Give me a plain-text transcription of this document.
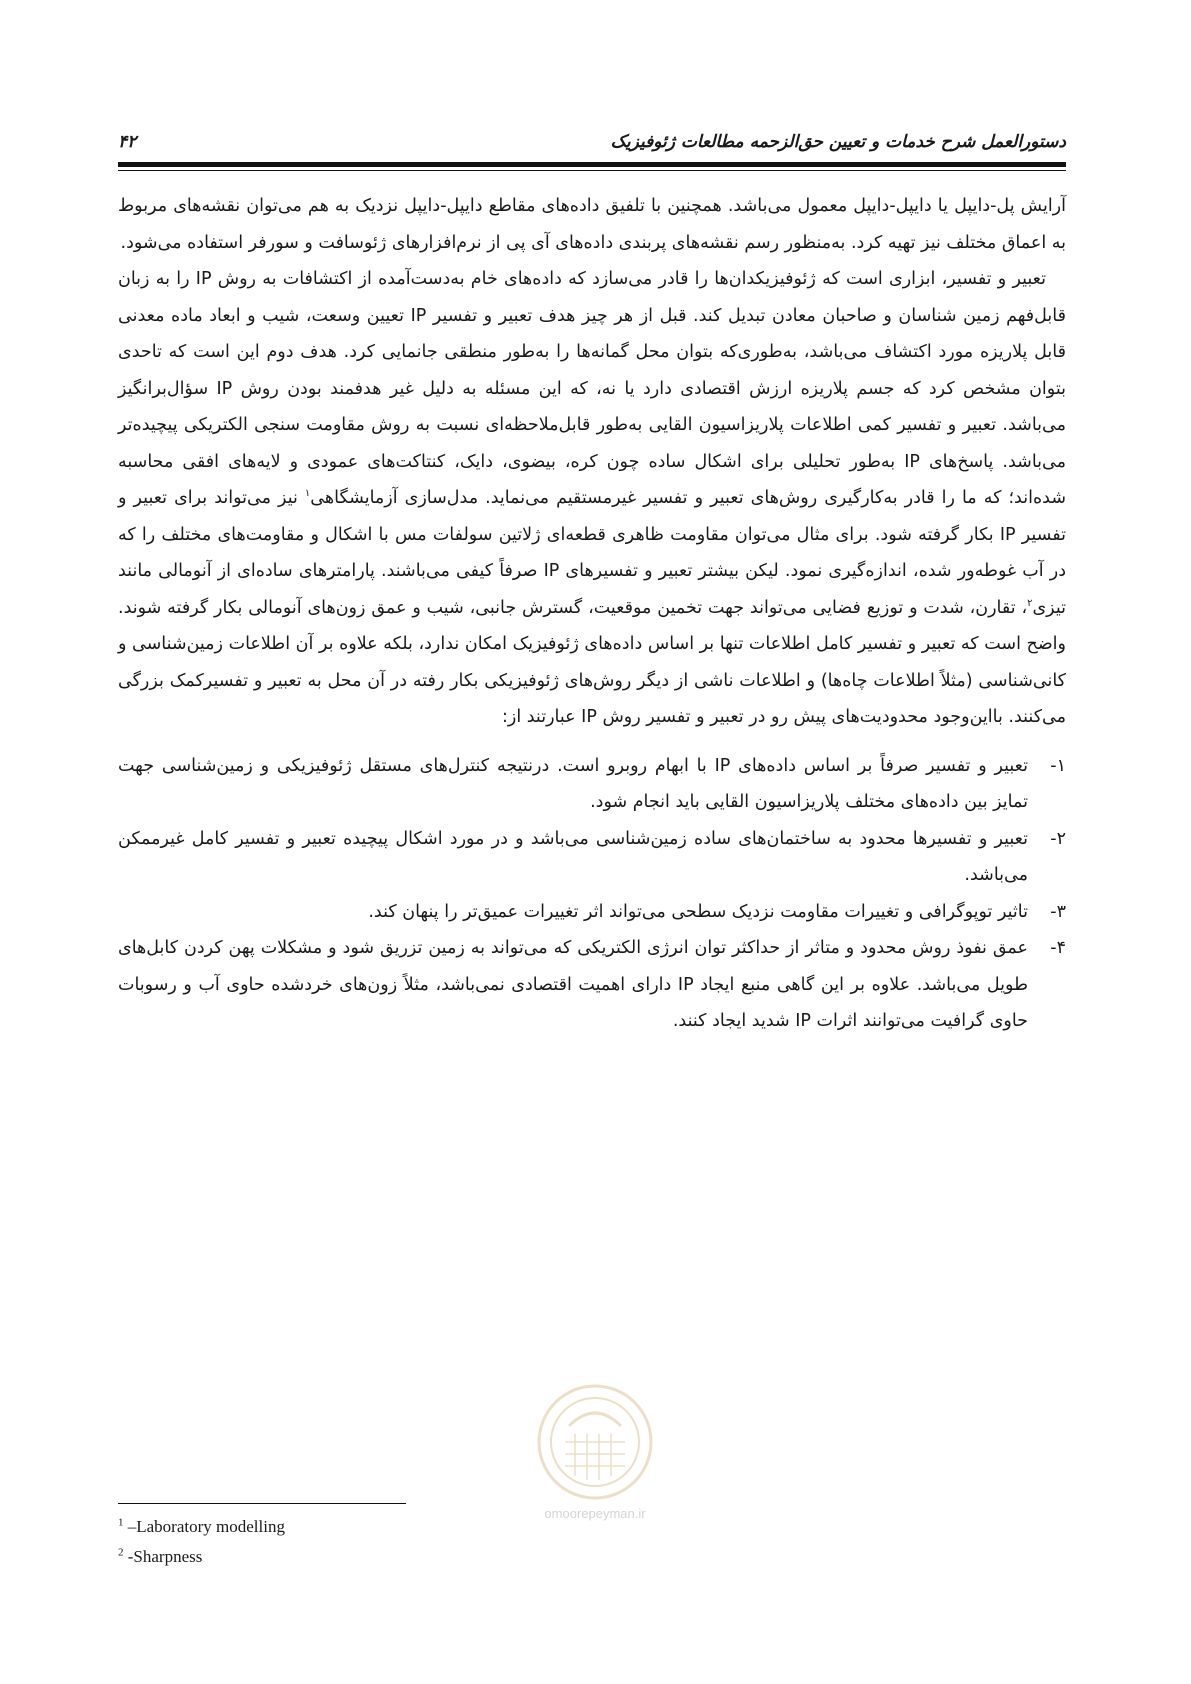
دستورالعمل شرح خدمات و تعیین حق‌الزحمه مطالعات ژئوفیزیک
۴۲

آرایش پل-دایپل یا دایپل-دایپل معمول می‌باشد. همچنین با تلفیق داده‌های مقاطع دایپل-دایپل نزدیک به هم می‌توان نقشه‌های مربوط به اعماق مختلف نیز تهیه کرد. به‌منظور رسم نقشه‌های پربندی داده‌های آی پی از نرم‌افزارهای ژئوسافت و سورفر استفاده می‌شود.

تعبیر و تفسیر، ابزاری است که ژئوفیزیکدان‌ها را قادر می‌سازد که داده‌های خام به‌دست‌آمده از اکتشافات به روش IP را به زبان قابل‌فهم زمین شناسان و صاحبان معادن تبدیل کند. قبل از هر چیز هدف تعبیر و تفسیر IP تعیین وسعت، شیب و ابعاد ماده معدنی قابل پلاریزه مورد اکتشاف می‌باشد، به‌طوری‌که بتوان محل گمانه‌ها را به‌طور منطقی جانمایی کرد. هدف دوم این است که تاحدی بتوان مشخص کرد که جسم پلاریزه ارزش اقتصادی دارد یا نه، که این مسئله به دلیل غیر هدفمند بودن روش IP سؤال‌برانگیز می‌باشد. تعبیر و تفسیر کمی اطلاعات پلاریزاسیون القایی به‌طور قابل‌ملاحظه‌ای نسبت به روش مقاومت سنجی الکتریکی پیچیده‌تر می‌باشد. پاسخ‌های IP به‌طور تحلیلی برای اشکال ساده چون کره، بیضوی، دایک، کنتاکت‌های عمودی و لایه‌های افقی محاسبه شده‌اند؛ که ما را قادر به‌کارگیری روش‌های تعبیر و تفسیر غیرمستقیم می‌نماید. مدل‌سازی آزمایشگاهی$^۱$ نیز می‌تواند برای تعبیر و تفسیر IP بکار گرفته شود. برای مثال می‌توان مقاومت ظاهری قطعه‌ای ژلاتین سولفات مس با اشکال و مقاومت‌های مختلف را که در آب غوطه‌ور شده، اندازه‌گیری نمود. لیکن بیشتر تعبیر و تفسیرهای IP صرفاً کیفی می‌باشند. پارامترهای ساده‌ای از آنومالی مانند تیزی$^۲$، تقارن، شدت و توزیع فضایی می‌تواند جهت تخمین موقعیت، گسترش جانبی، شیب و عمق زون‌های آنومالی بکار گرفته شوند. واضح است که تعبیر و تفسیر کامل اطلاعات تنها بر اساس داده‌های ژئوفیزیک امکان ندارد، بلکه علاوه بر آن اطلاعات زمین‌شناسی و کانی‌شناسی (مثلاً اطلاعات چاه‌ها) و اطلاعات ناشی از دیگر روش‌های ژئوفیزیکی بکار رفته در آن محل به تعبیر و تفسیرکمک بزرگی می‌کنند. بااین‌وجود محدودیت‌های پیش رو در تعبیر و تفسیر روش IP عبارتند از:

۱-
تعبیر و تفسیر صرفاً بر اساس داده‌های IP با ابهام روبرو است. درنتیجه کنترل‌های مستقل ژئوفیزیکی و زمین‌شناسی جهت تمایز بین داده‌های مختلف پلاریزاسیون القایی باید انجام شود.
۲-
تعبیر و تفسیرها محدود به ساختمان‌های ساده زمین‌شناسی می‌باشد و در مورد اشکال پیچیده تعبیر و تفسیر کامل غیرممکن می‌باشد.
۳-
تاثیر توپوگرافی و تغییرات مقاومت نزدیک سطحی می‌تواند اثر تغییرات عمیق‌تر را پنهان کند.
۴-
عمق نفوذ روش محدود و متاثر از حداکثر توان انرژی الکتریکی که می‌تواند به زمین تزریق شود و مشکلات پهن کردن کابل‌های طویل می‌باشد. علاوه بر این گاهی منبع ایجاد IP دارای اهمیت اقتصادی نمی‌باشد، مثلاً زون‌های خردشده حاوی آب و رسوبات حاوی گرافیت می‌توانند اثرات IP شدید ایجاد کنند.
omoorepeyman.ir
$^1$ –Laboratory modelling
$^2$ -Sharpness
